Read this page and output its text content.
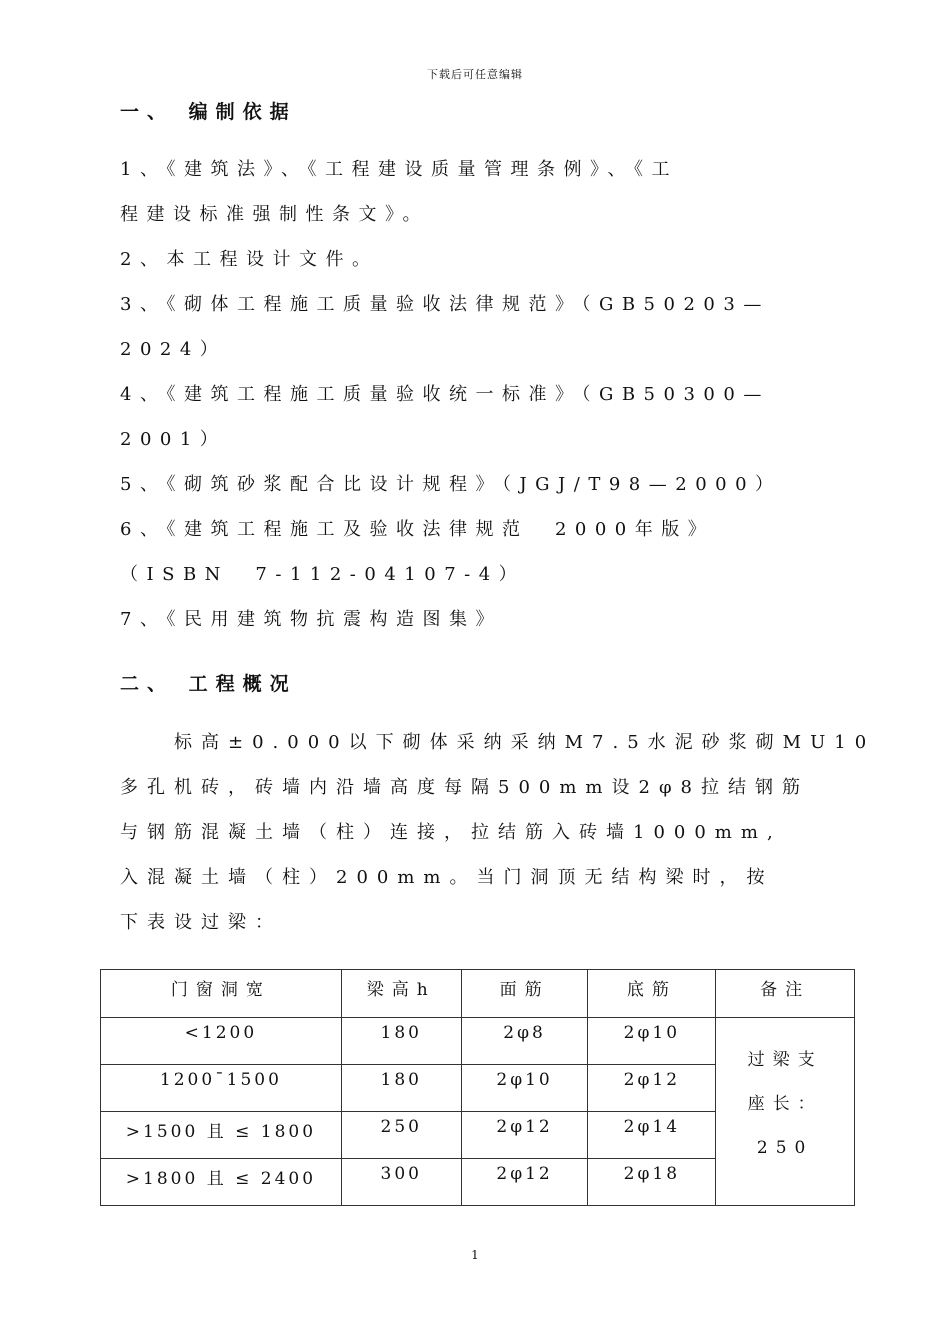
下载后可任意编辑
一、 编制依据
1、《建筑法》、《工程建设质量管理条例》、《工
程建设标准强制性条文》。
2、本工程设计文件。
3、《砌体工程施工质量验收法律规范》（GB50203—
2024）
4、《建筑工程施工质量验收统一标准》（GB50300—
2001）
5、《砌筑砂浆配合比设计规程》（JGJ/T98—2000）
6、《建筑工程施工及验收法律规范　2000年版》
（ISBN　7-112-04107-4）
7、《民用建筑物抗震构造图集》
二、 工程概况
　　标高±0.000以下砌体采纳采纳M7.5水泥砂浆砌MU10
多孔机砖，砖墙内沿墙高度每隔500mm设2φ8拉结钢筋
与钢筋混凝土墙（柱）连接，拉结筋入砖墙1000mm,
入混凝土墙（柱）200mm。当门洞顶无结构梁时，按
下表设过梁：
门窗洞宽	梁高h	面筋	底筋	备注
<1200	180	2φ8	2φ10	过梁支
座长：
250

1200¯1500	180	2φ10	2φ12	
>1500 且 ≤ 1800	250	2φ12	2φ14	
>1800 且 ≤ 2400	300	2φ12	2φ18	
1
